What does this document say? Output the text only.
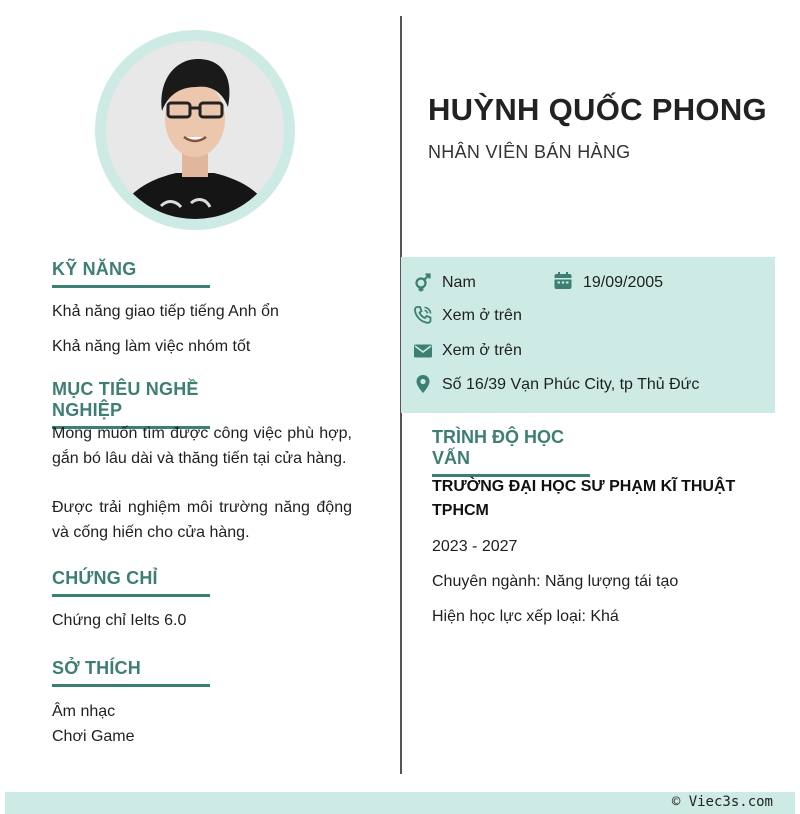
KỸ NĂNG
Khả năng giao tiếp tiếng Anh ổn
Khả năng làm việc nhóm tốt
MỤC TIÊU NGHỀ NGHIỆP
Mong muốn tìm được công việc phù hợp, gắn bó lâu dài và thăng tiến tại cửa hàng.
Được trải nghiệm môi trường năng động và cống hiến cho cửa hàng.
CHỨNG CHỈ
Chứng chỉ Ielts 6.0
SỞ THÍCH
Âm nhạc
Chơi Game
HUỲNH QUỐC PHONG
NHÂN VIÊN BÁN HÀNG
Nam	19/09/2005
Xem ở trên
Xem ở trên
Số 16/39 Vạn Phúc City, tp Thủ Đức
TRÌNH ĐỘ HỌC VẤN
TRƯỜNG ĐẠI HỌC SƯ PHẠM KĨ THUẬT TPHCM
2023 - 2027
Chuyên ngành: Năng lượng tái tạo
Hiện học lực xếp loại: Khá
© Viec3s.com
